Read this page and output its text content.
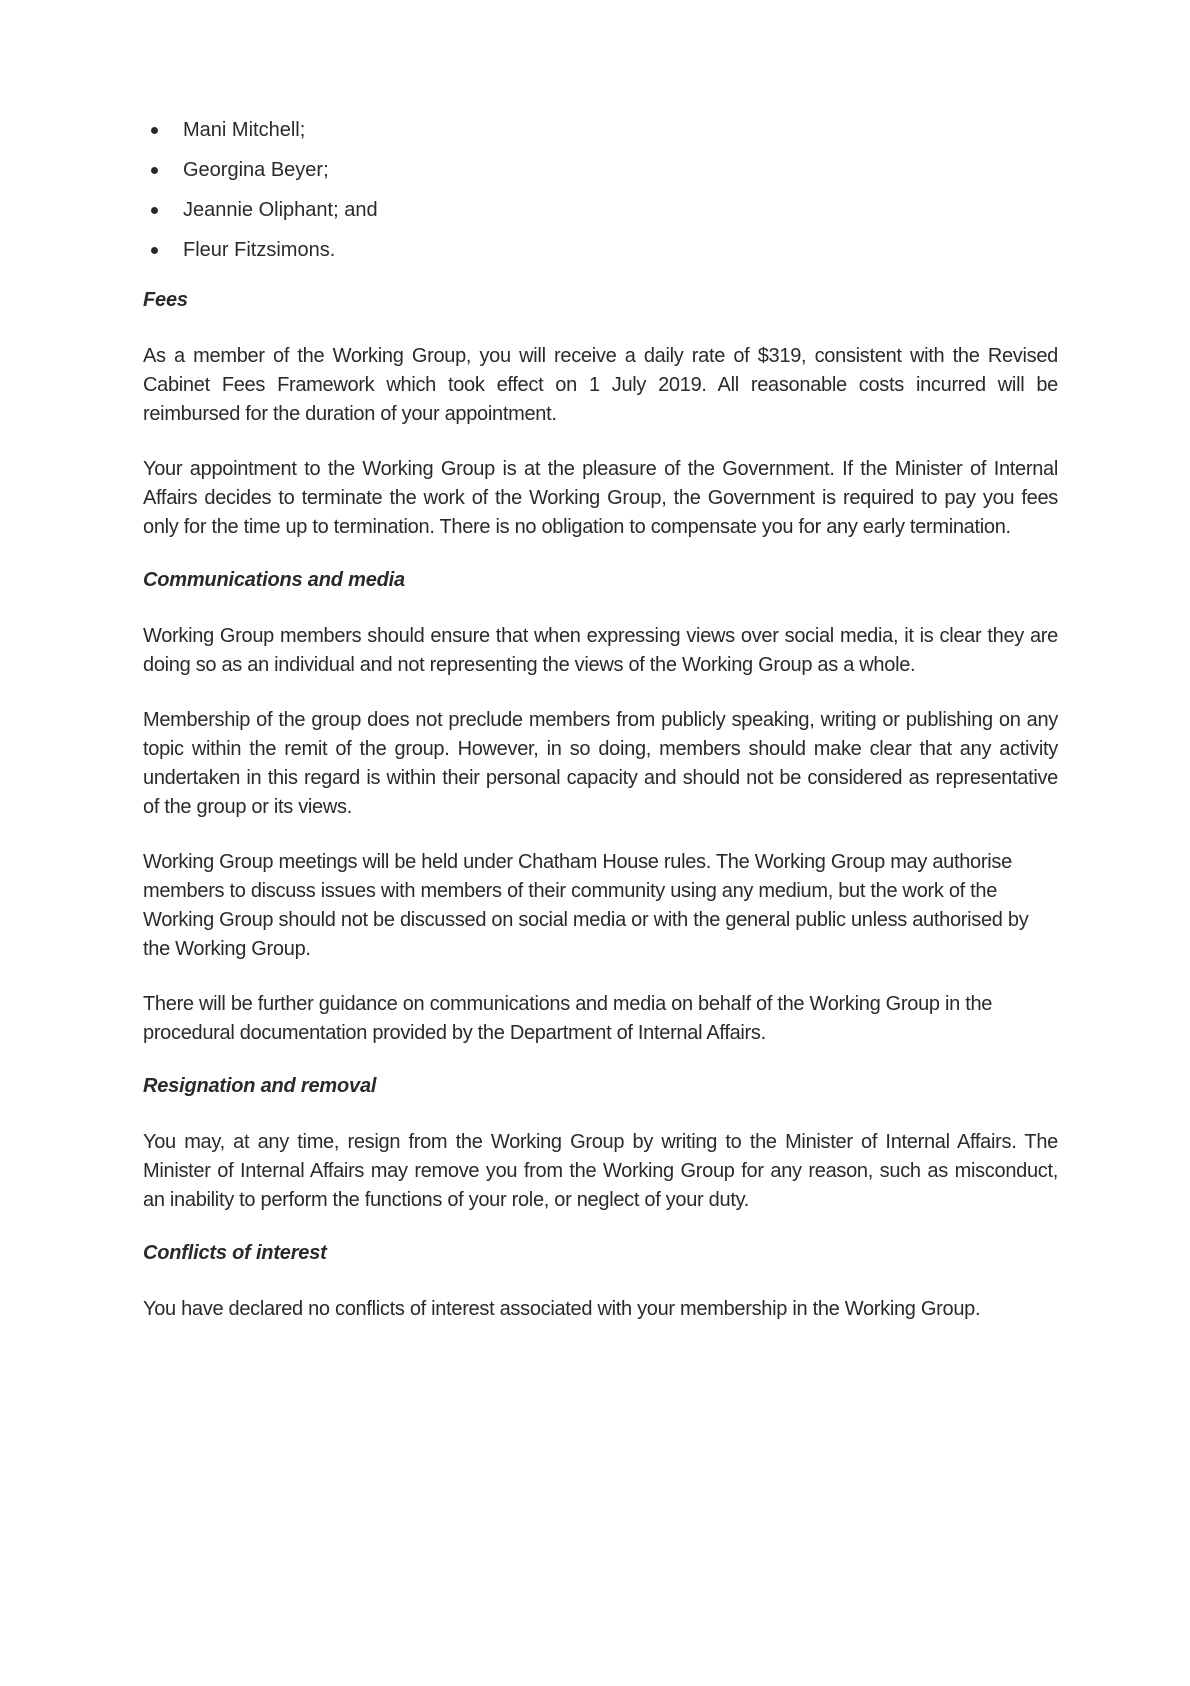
Mani Mitchell;
Georgina Beyer;
Jeannie Oliphant; and
Fleur Fitzsimons.
Fees

As a member of the Working Group, you will receive a daily rate of $319, consistent with the Revised Cabinet Fees Framework which took effect on 1 July 2019. All reasonable costs incurred will be reimbursed for the duration of your appointment.

Your appointment to the Working Group is at the pleasure of the Government. If the Minister of Internal Affairs decides to terminate the work of the Working Group, the Government is required to pay you fees only for the time up to termination. There is no obligation to compensate you for any early termination.

Communications and media

Working Group members should ensure that when expressing views over social media, it is clear they are doing so as an individual and not representing the views of the Working Group as a whole.

Membership of the group does not preclude members from publicly speaking, writing or publishing on any topic within the remit of the group. However, in so doing, members should make clear that any activity undertaken in this regard is within their personal capacity and should not be considered as representative of the group or its views.

Working Group meetings will be held under Chatham House rules. The Working Group may authorise members to discuss issues with members of their community using any medium, but the work of the Working Group should not be discussed on social media or with the general public unless authorised by the Working Group.

There will be further guidance on communications and media on behalf of the Working Group in the procedural documentation provided by the Department of Internal Affairs.

Resignation and removal

You may, at any time, resign from the Working Group by writing to the Minister of Internal Affairs. The Minister of Internal Affairs may remove you from the Working Group for any reason, such as misconduct, an inability to perform the functions of your role, or neglect of your duty.

Conflicts of interest

You have declared no conflicts of interest associated with your membership in the Working Group.
